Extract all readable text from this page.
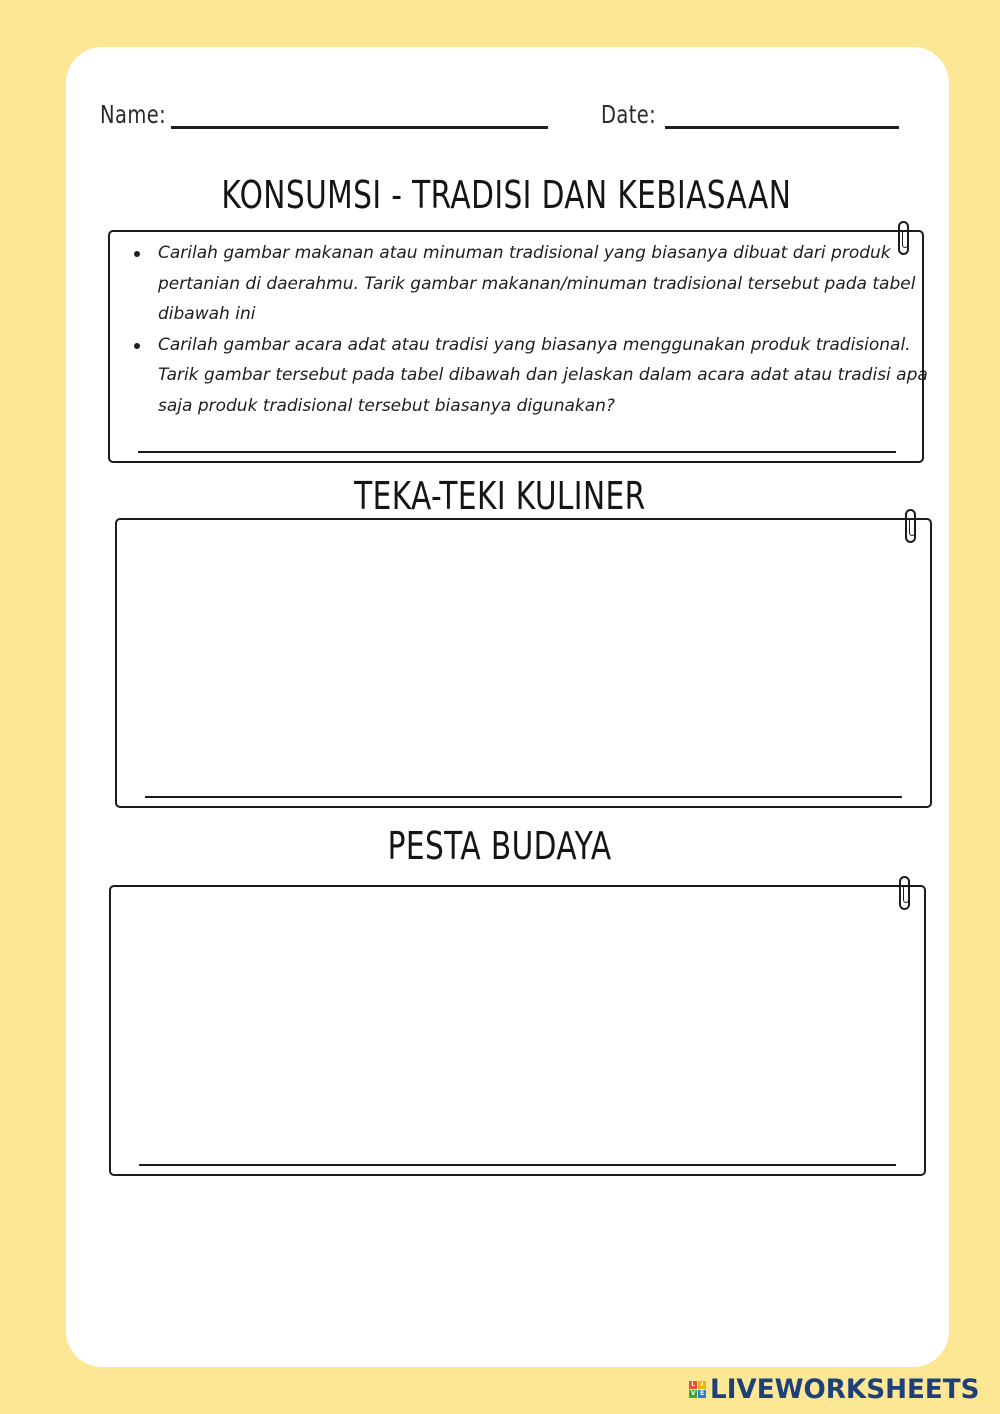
Name:	Date:
KONSUMSI - TRADISI DAN KEBIASAAN
Carilah gambar makanan atau minuman tradisional yang biasanya dibuat dari produk pertanian di daerahmu. Tarik gambar makanan/minuman tradisional tersebut pada tabel dibawah ini
Carilah gambar acara adat atau tradisi yang biasanya menggunakan produk tradisional. Tarik gambar tersebut pada tabel dibawah dan jelaskan dalam acara adat atau tradisi apa saja produk tradisional tersebut biasanya digunakan?
TEKA-TEKI KULINER
PESTA BUDAYA
L I
V E LIVEWORKSHEETS
